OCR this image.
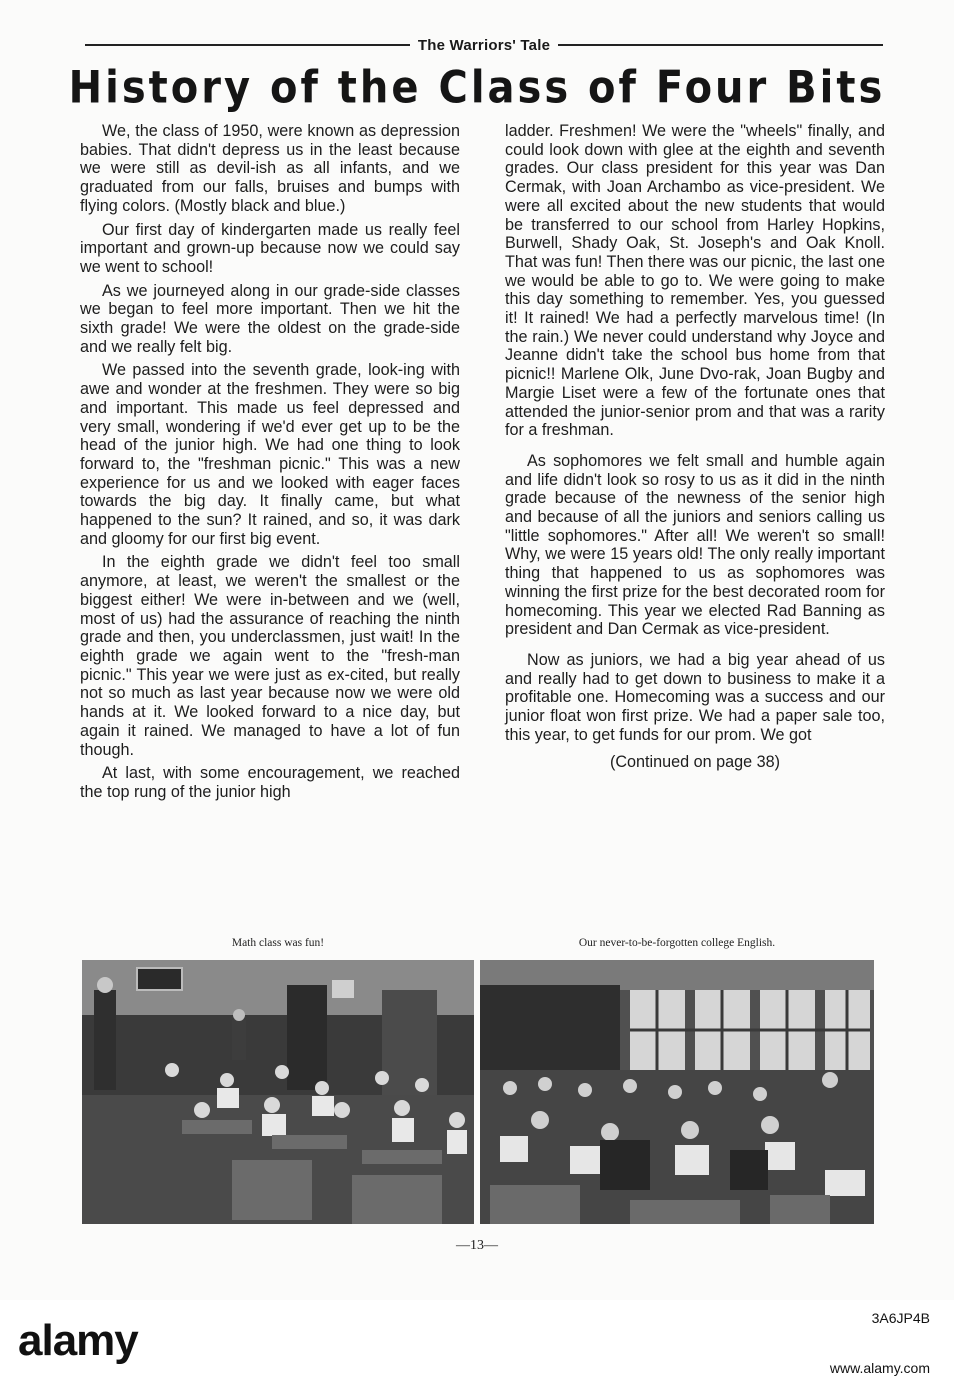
The Warriors' Tale
History of the Class of Four Bits

We, the class of 1950, were known as depression babies. That didn't depress us in the least because we were still as devil-ish as all infants, and we graduated from our falls, bruises and bumps with flying colors. (Mostly black and blue.)

Our first day of kindergarten made us really feel important and grown-up because now we could say we went to school!

As we journeyed along in our grade-side classes we began to feel more important. Then we hit the sixth grade! We were the oldest on the grade-side and we really felt big.

We passed into the seventh grade, look-ing with awe and wonder at the freshmen. They were so big and important. This made us feel depressed and very small, wondering if we'd ever get up to be the head of the junior high. We had one thing to look forward to, the "freshman picnic." This was a new experience for us and we looked with eager faces towards the big day. It finally came, but what happened to the sun? It rained, and so, it was dark and gloomy for our first big event.

In the eighth grade we didn't feel too small anymore, at least, we weren't the smallest or the biggest either! We were in-between and we (well, most of us) had the assurance of reaching the ninth grade and then, you underclassmen, just wait! In the eighth grade we again went to the "fresh-man picnic." This year we were just as ex-cited, but really not so much as last year because now we were old hands at it. We looked forward to a nice day, but again it rained. We managed to have a lot of fun though.

At last, with some encouragement, we reached the top rung of the junior high

ladder. Freshmen! We were the "wheels" finally, and could look down with glee at the eighth and seventh grades. Our class president for this year was Dan Cermak, with Joan Archambo as vice-president. We were all excited about the new students that would be transferred to our school from Harley Hopkins, Burwell, Shady Oak, St. Joseph's and Oak Knoll. That was fun! Then there was our picnic, the last one we would be able to go to. We were going to make this day something to remember. Yes, you guessed it! It rained! We had a perfectly marvelous time! (In the rain.) We never could understand why Joyce and Jeanne didn't take the school bus home from that picnic!! Marlene Olk, June Dvo-rak, Joan Bugby and Margie Liset were a few of the fortunate ones that attended the junior-senior prom and that was a rarity for a freshman.

As sophomores we felt small and humble again and life didn't look so rosy to us as it did in the ninth grade because of the newness of the senior high and because of all the juniors and seniors calling us "little sophomores." After all! We weren't so small! Why, we were 15 years old! The only really important thing that happened to us as sophomores was winning the first prize for the best decorated room for homecoming. This year we elected Rad Banning as president and Dan Cermak as vice-president.

Now as juniors, we had a big year ahead of us and really had to get down to business to make it a profitable one. Homecoming was a success and our junior float won first prize. We had a paper sale too, this year, to get funds for our prom. We got

(Continued on page 38)

Math class was fun!	Our never-to-be-forgotten college English.
—13—
alamy	3A6JP4B
www.alamy.com
